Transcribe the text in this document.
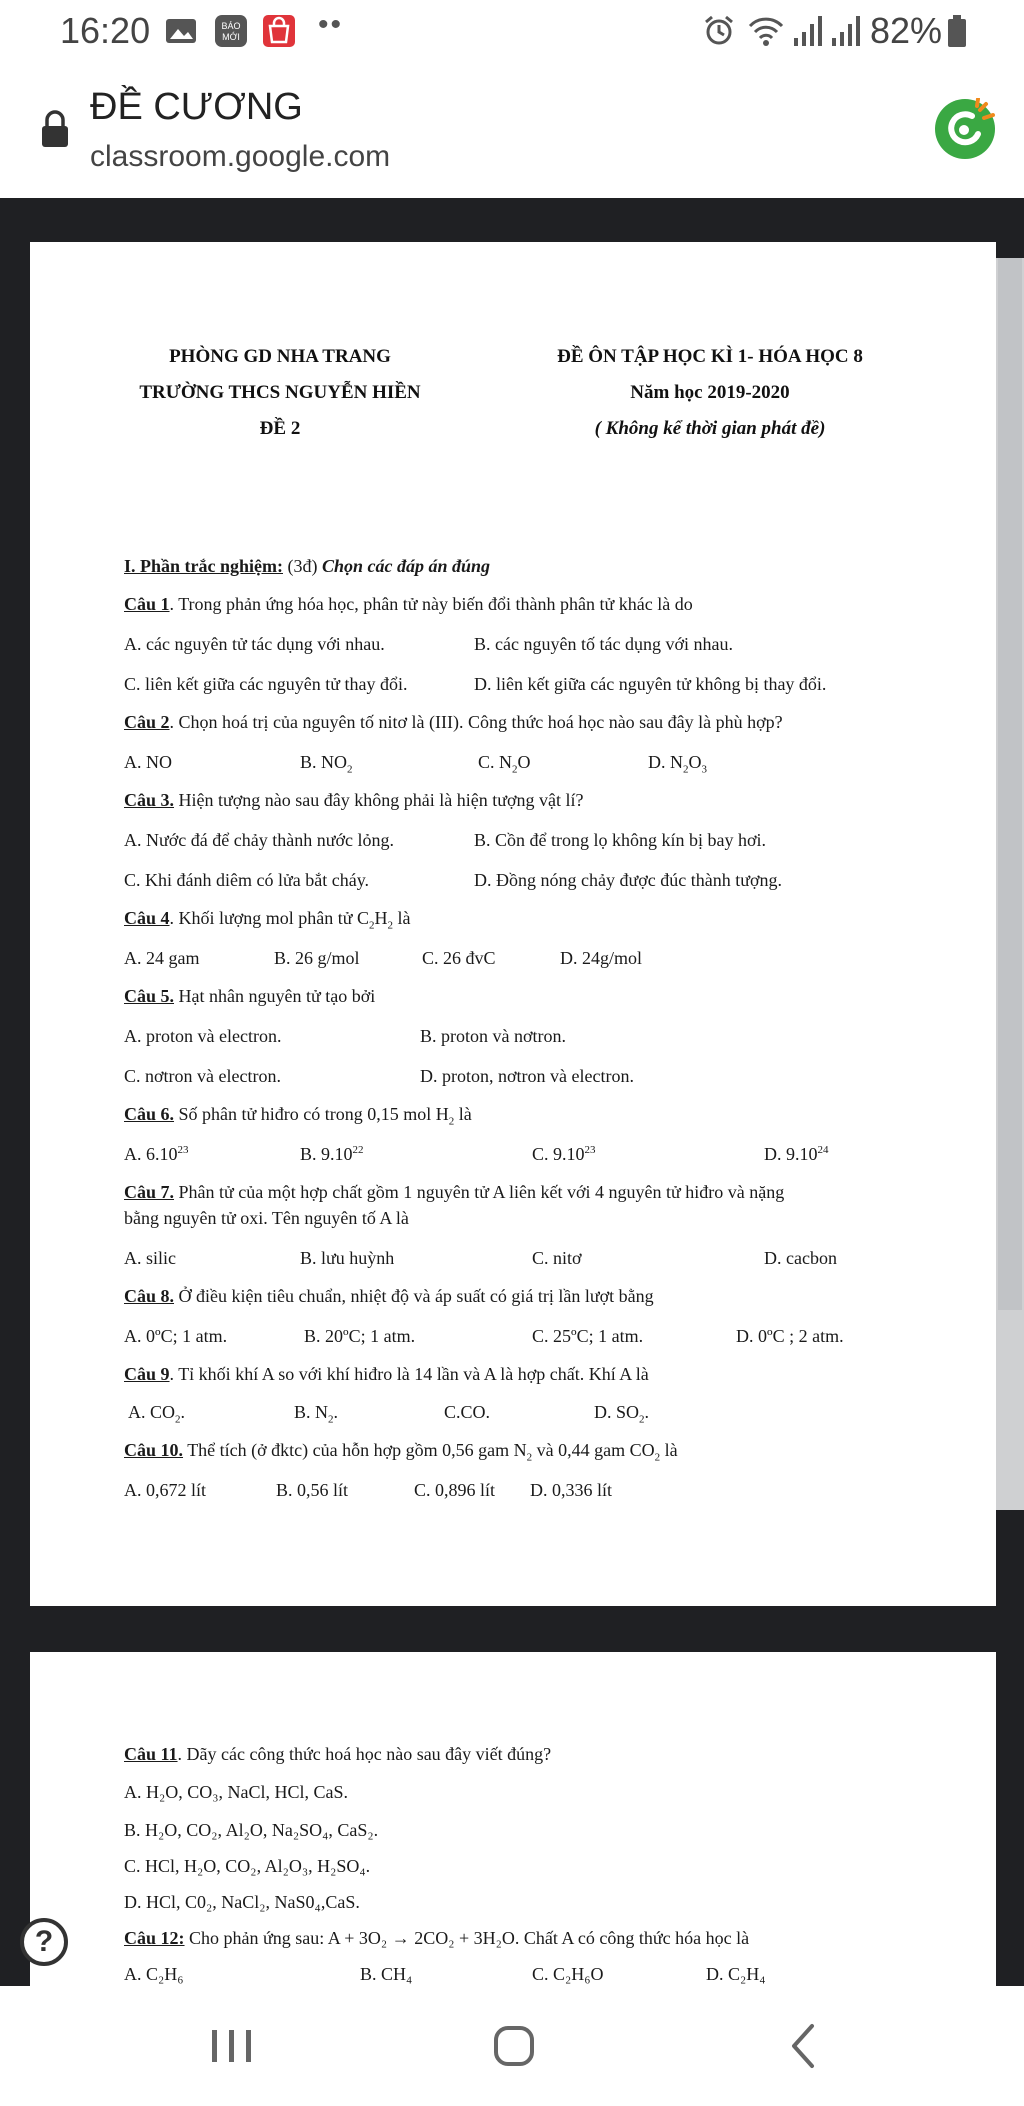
16:20	BÁO
MỚI	••	82%
ĐỀ CƯƠNG
classroom.google.com
PHÒNG GD NHA TRANG
TRƯỜNG THCS NGUYỄN HIỀN
ĐỀ 2
ĐỀ ÔN TẬP HỌC KÌ 1- HÓA HỌC 8
Năm học 2019-2020
( Không kể thời gian phát đề)
I. Phần trắc nghiệm: (3đ) Chọn các đáp án đúng
Câu 1. Trong phản ứng hóa học, phân tử này biến đổi thành phân tử khác là do
A. các nguyên tử tác dụng với nhau.	B. các nguyên tố tác dụng với nhau.
C. liên kết giữa các nguyên tử thay đổi.	D. liên kết giữa các nguyên tử không bị thay đổi.
Câu 2. Chọn hoá trị của nguyên tố nitơ là (III). Công thức hoá học nào sau đây là phù hợp?
A. NO	B. $NO_2$	C. $N_2O$	D. $N_2O_3$
Câu 3. Hiện tượng nào sau đây không phải là hiện tượng vật lí?
A. Nước đá để chảy thành nước lỏng.	B. Cồn để trong lọ không kín bị bay hơi.
C. Khi đánh diêm có lửa bắt cháy.	D. Đồng nóng chảy được đúc thành tượng.
Câu 4. Khối lượng mol phân tử $C_2H_2$ là
A. 24 gam	B. 26 g/mol	C. 26 đvC	D. 24g/mol
Câu 5. Hạt nhân nguyên tử tạo bởi
A. proton và electron.	B. proton và nơtron.
C. nơtron và electron.	D. proton, nơtron và electron.
Câu 6. Số phân tử hiđro có trong 0,15 mol $H_2$ là
A. 6.10$^{23}$	B. 9.10$^{22}$	C. 9.10$^{23}$	D. 9.10$^{24}$
Câu 7. Phân tử của một hợp chất gồm 1 nguyên tử A liên kết với 4 nguyên tử hiđro và nặng
bằng nguyên tử oxi. Tên nguyên tố A là
A. silic	B. lưu huỳnh	C. nitơ	D. cacbon
Câu 8. Ở điều kiện tiêu chuẩn, nhiệt độ và áp suất có giá trị lần lượt bằng
A. 0ºC; 1 atm.	B. 20ºC; 1 atm.	C. 25ºC; 1 atm.	D. 0ºC ; 2 atm.
Câu 9. Tỉ khối khí A so với khí hiđro là 14 lần và A là hợp chất. Khí A là
A. $CO_2$.	B. $N_2$.	C.CO.	D. $SO_2$.
Câu 10. Thể tích (ở đktc) của hỗn hợp gồm 0,56 gam $N_2$ và 0,44 gam $CO_2$ là
A. 0,672 lít	B. 0,56 lít	C. 0,896 lít D. 0,336 lít
Câu 11. Dãy các công thức hoá học nào sau đây viết đúng?
A. H₂O, CO₃, NaCl, HCl, CaS.
B. H₂O, CO₂, Al₂O, Na₂SO₄, CaS₂.
C. HCl, H₂O, CO₂, Al₂O₃, H₂SO₄.
D. HCl, C0₂, NaCl₂, NaS0₄,CaS.
Câu 12: Cho phản ứng sau: A + 3O₂ → 2CO₂ + 3H₂O. Chất A có công thức hóa học là
A. C₂H₆	B. CH₄	C. C₂H₆O	D. C₂H₄
?
